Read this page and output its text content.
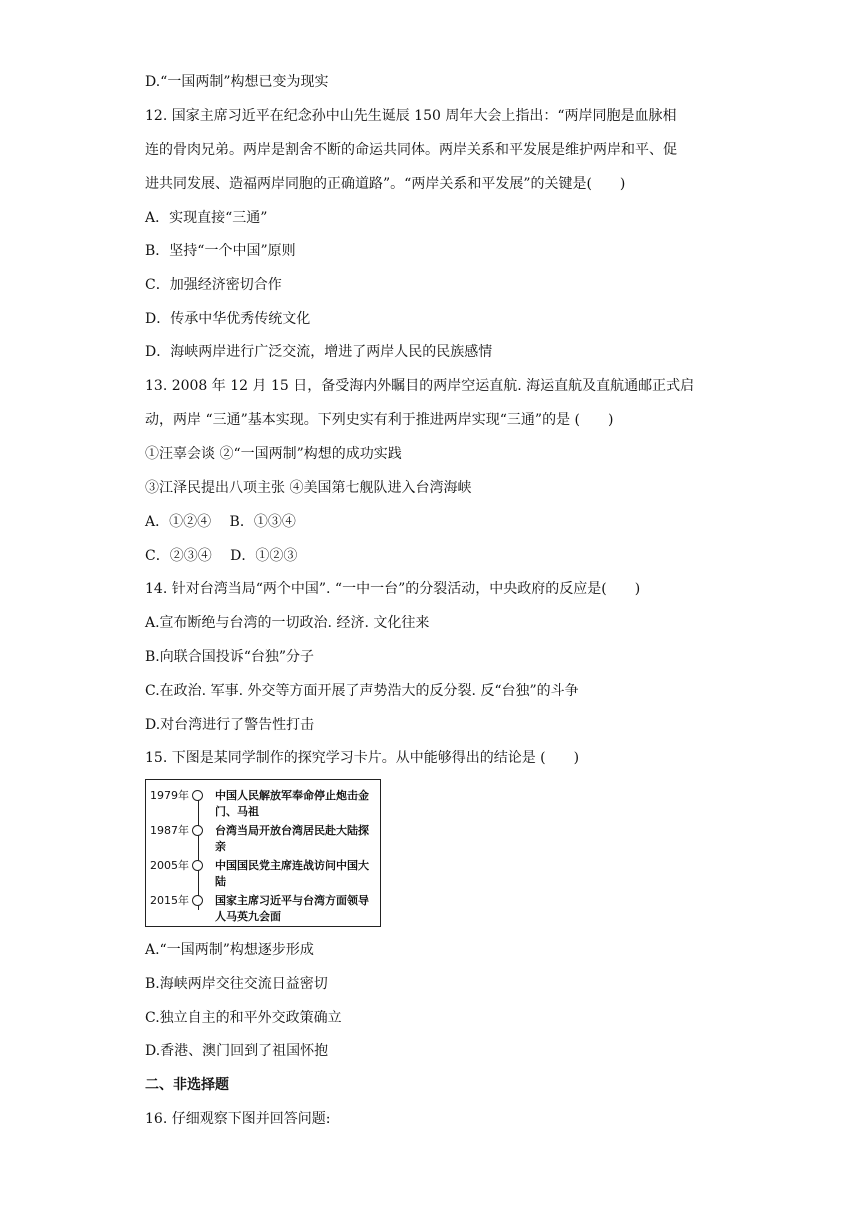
D.“一国两制”构想已变为现实
12. 国家主席习近平在纪念孙中山先生诞辰 150 周年大会上指出：“两岸同胞是血脉相
连的骨肉兄弟。两岸是割舍不断的命运共同体。两岸关系和平发展是维护两岸和平、促
进共同发展、造福两岸同胞的正确道路”。“两岸关系和平发展”的关键是(　　)
A．实现直接“三通”
B．坚持“一个中国”原则
C．加强经济密切合作
D．传承中华优秀传统文化
D．海峡两岸进行广泛交流，增进了两岸人民的民族感情
13. 2008 年 12 月 15 日，备受海内外瞩目的两岸空运直航. 海运直航及直航通邮正式启
动，两岸 “三通”基本实现。下列史实有利于推进两岸实现“三通”的是 (　　)
①汪辜会谈 ②“一国两制”构想的成功实践
③江泽民提出八项主张 ④美国第七舰队进入台湾海峡
A．①②④　 B．①③④
C．②③④　 D．①②③
14. 针对台湾当局“两个中国”. “一中一台”的分裂活动，中央政府的反应是(　　)
A.宣布断绝与台湾的一切政治. 经济. 文化往来
B.向联合国投诉“台独”分子
C.在政治. 军事. 外交等方面开展了声势浩大的反分裂. 反“台独”的斗争
D.对台湾进行了警告性打击
15. 下图是某同学制作的探究学习卡片。从中能够得出的结论是 (　　)
1979年 中国人民解放军奉命停止炮击金门、马祖
1987年 台湾当局开放台湾居民赴大陆探亲
2005年 中国国民党主席连战访问中国大陆
2015年 国家主席习近平与台湾方面领导人马英九会面
A.“一国两制”构想逐步形成
B.海峡两岸交往交流日益密切
C.独立自主的和平外交政策确立
D.香港、澳门回到了祖国怀抱
二、非选择题
16. 仔细观察下图并回答问题:
